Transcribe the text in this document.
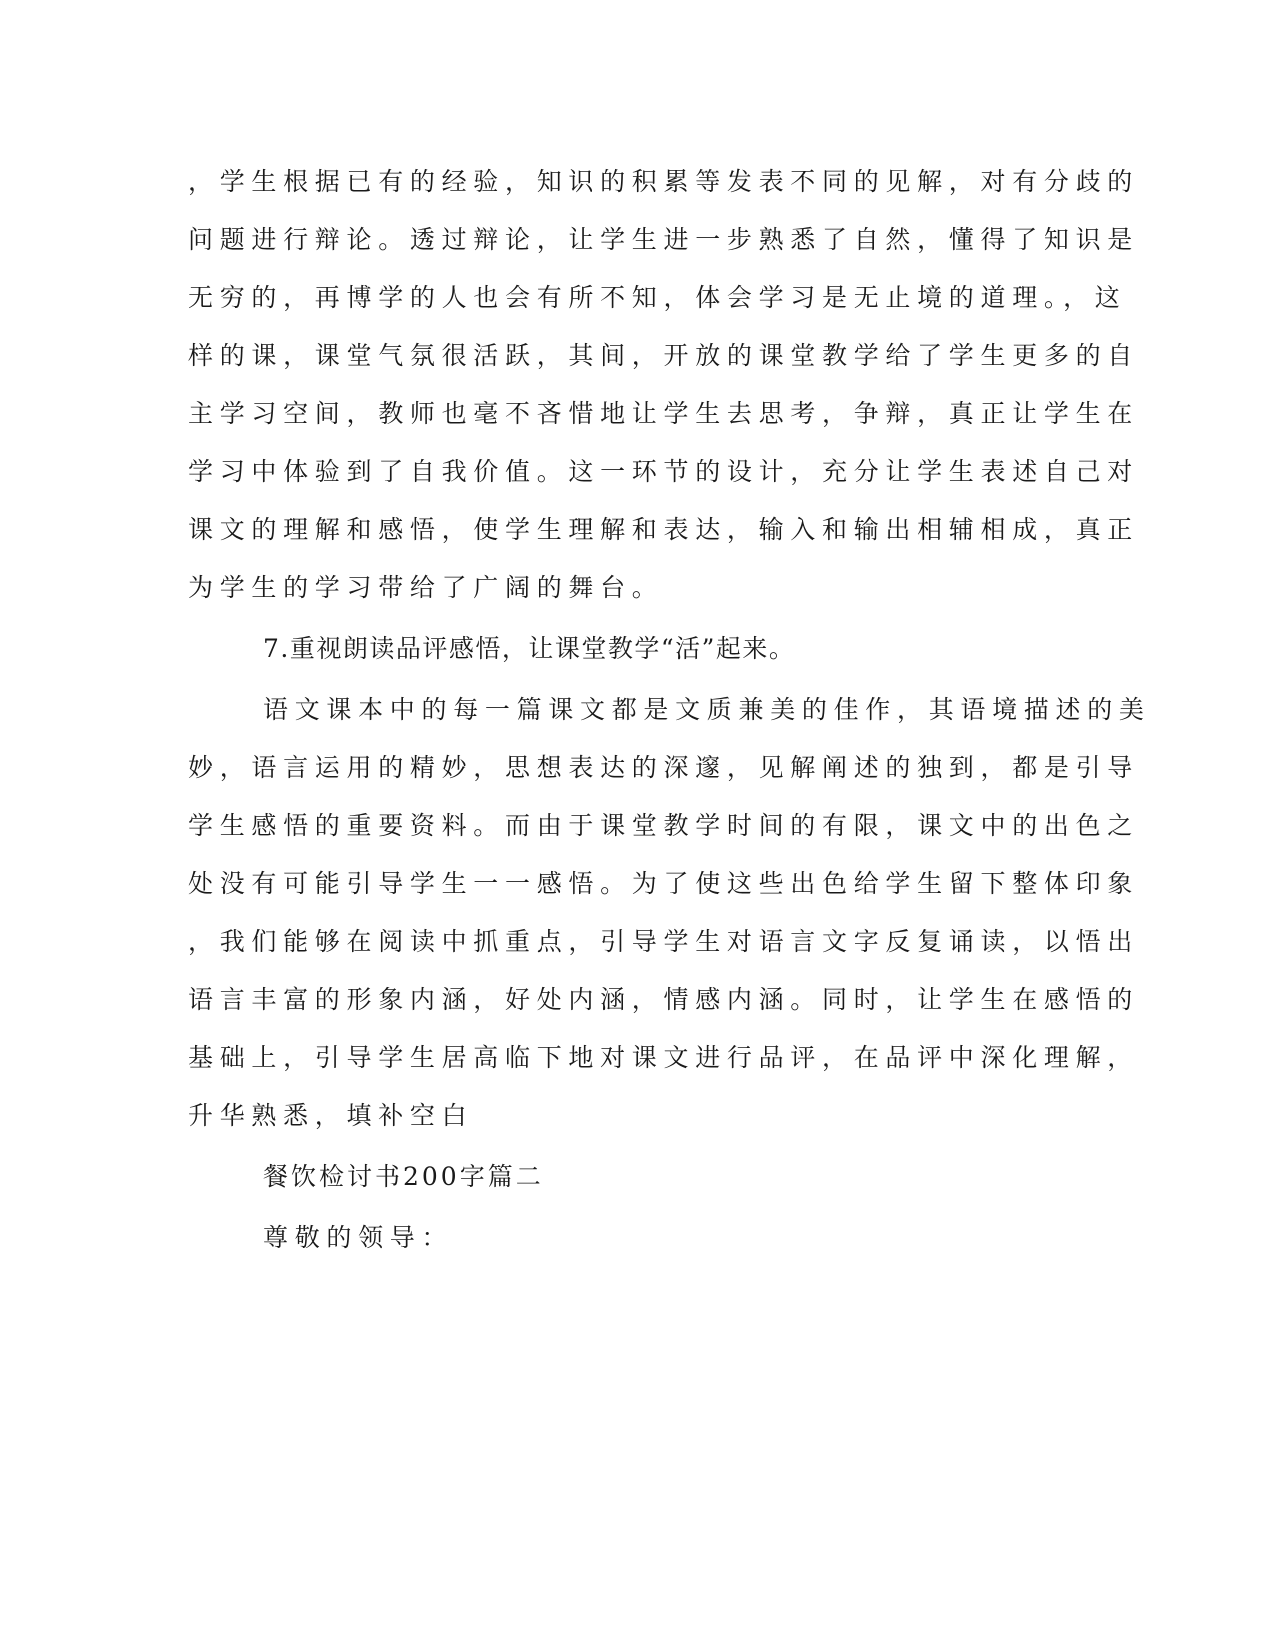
，学生根据已有的经验，知识的积累等发表不同的见解，对有分歧的
问题进行辩论。透过辩论，让学生进一步熟悉了自然，懂得了知识是
无穷的，再博学的人也会有所不知，体会学习是无止境的道理。，这
样的课，课堂气氛很活跃，其间，开放的课堂教学给了学生更多的自
主学习空间，教师也毫不吝惜地让学生去思考，争辩，真正让学生在
学习中体验到了自我价值。这一环节的设计，充分让学生表述自己对
课文的理解和感悟，使学生理解和表达，输入和输出相辅相成，真正
为学生的学习带给了广阔的舞台。
7.重视朗读品评感悟，让课堂教学“活”起来。
语文课本中的每一篇课文都是文质兼美的佳作，其语境描述的美
妙，语言运用的精妙，思想表达的深邃，见解阐述的独到，都是引导
学生感悟的重要资料。而由于课堂教学时间的有限，课文中的出色之
处没有可能引导学生一一感悟。为了使这些出色给学生留下整体印象
，我们能够在阅读中抓重点，引导学生对语言文字反复诵读，以悟出
语言丰富的形象内涵，好处内涵，情感内涵。同时，让学生在感悟的
基础上，引导学生居高临下地对课文进行品评，在品评中深化理解，
升华熟悉，填补空白
餐饮检讨书200字篇二
尊敬的领导：
